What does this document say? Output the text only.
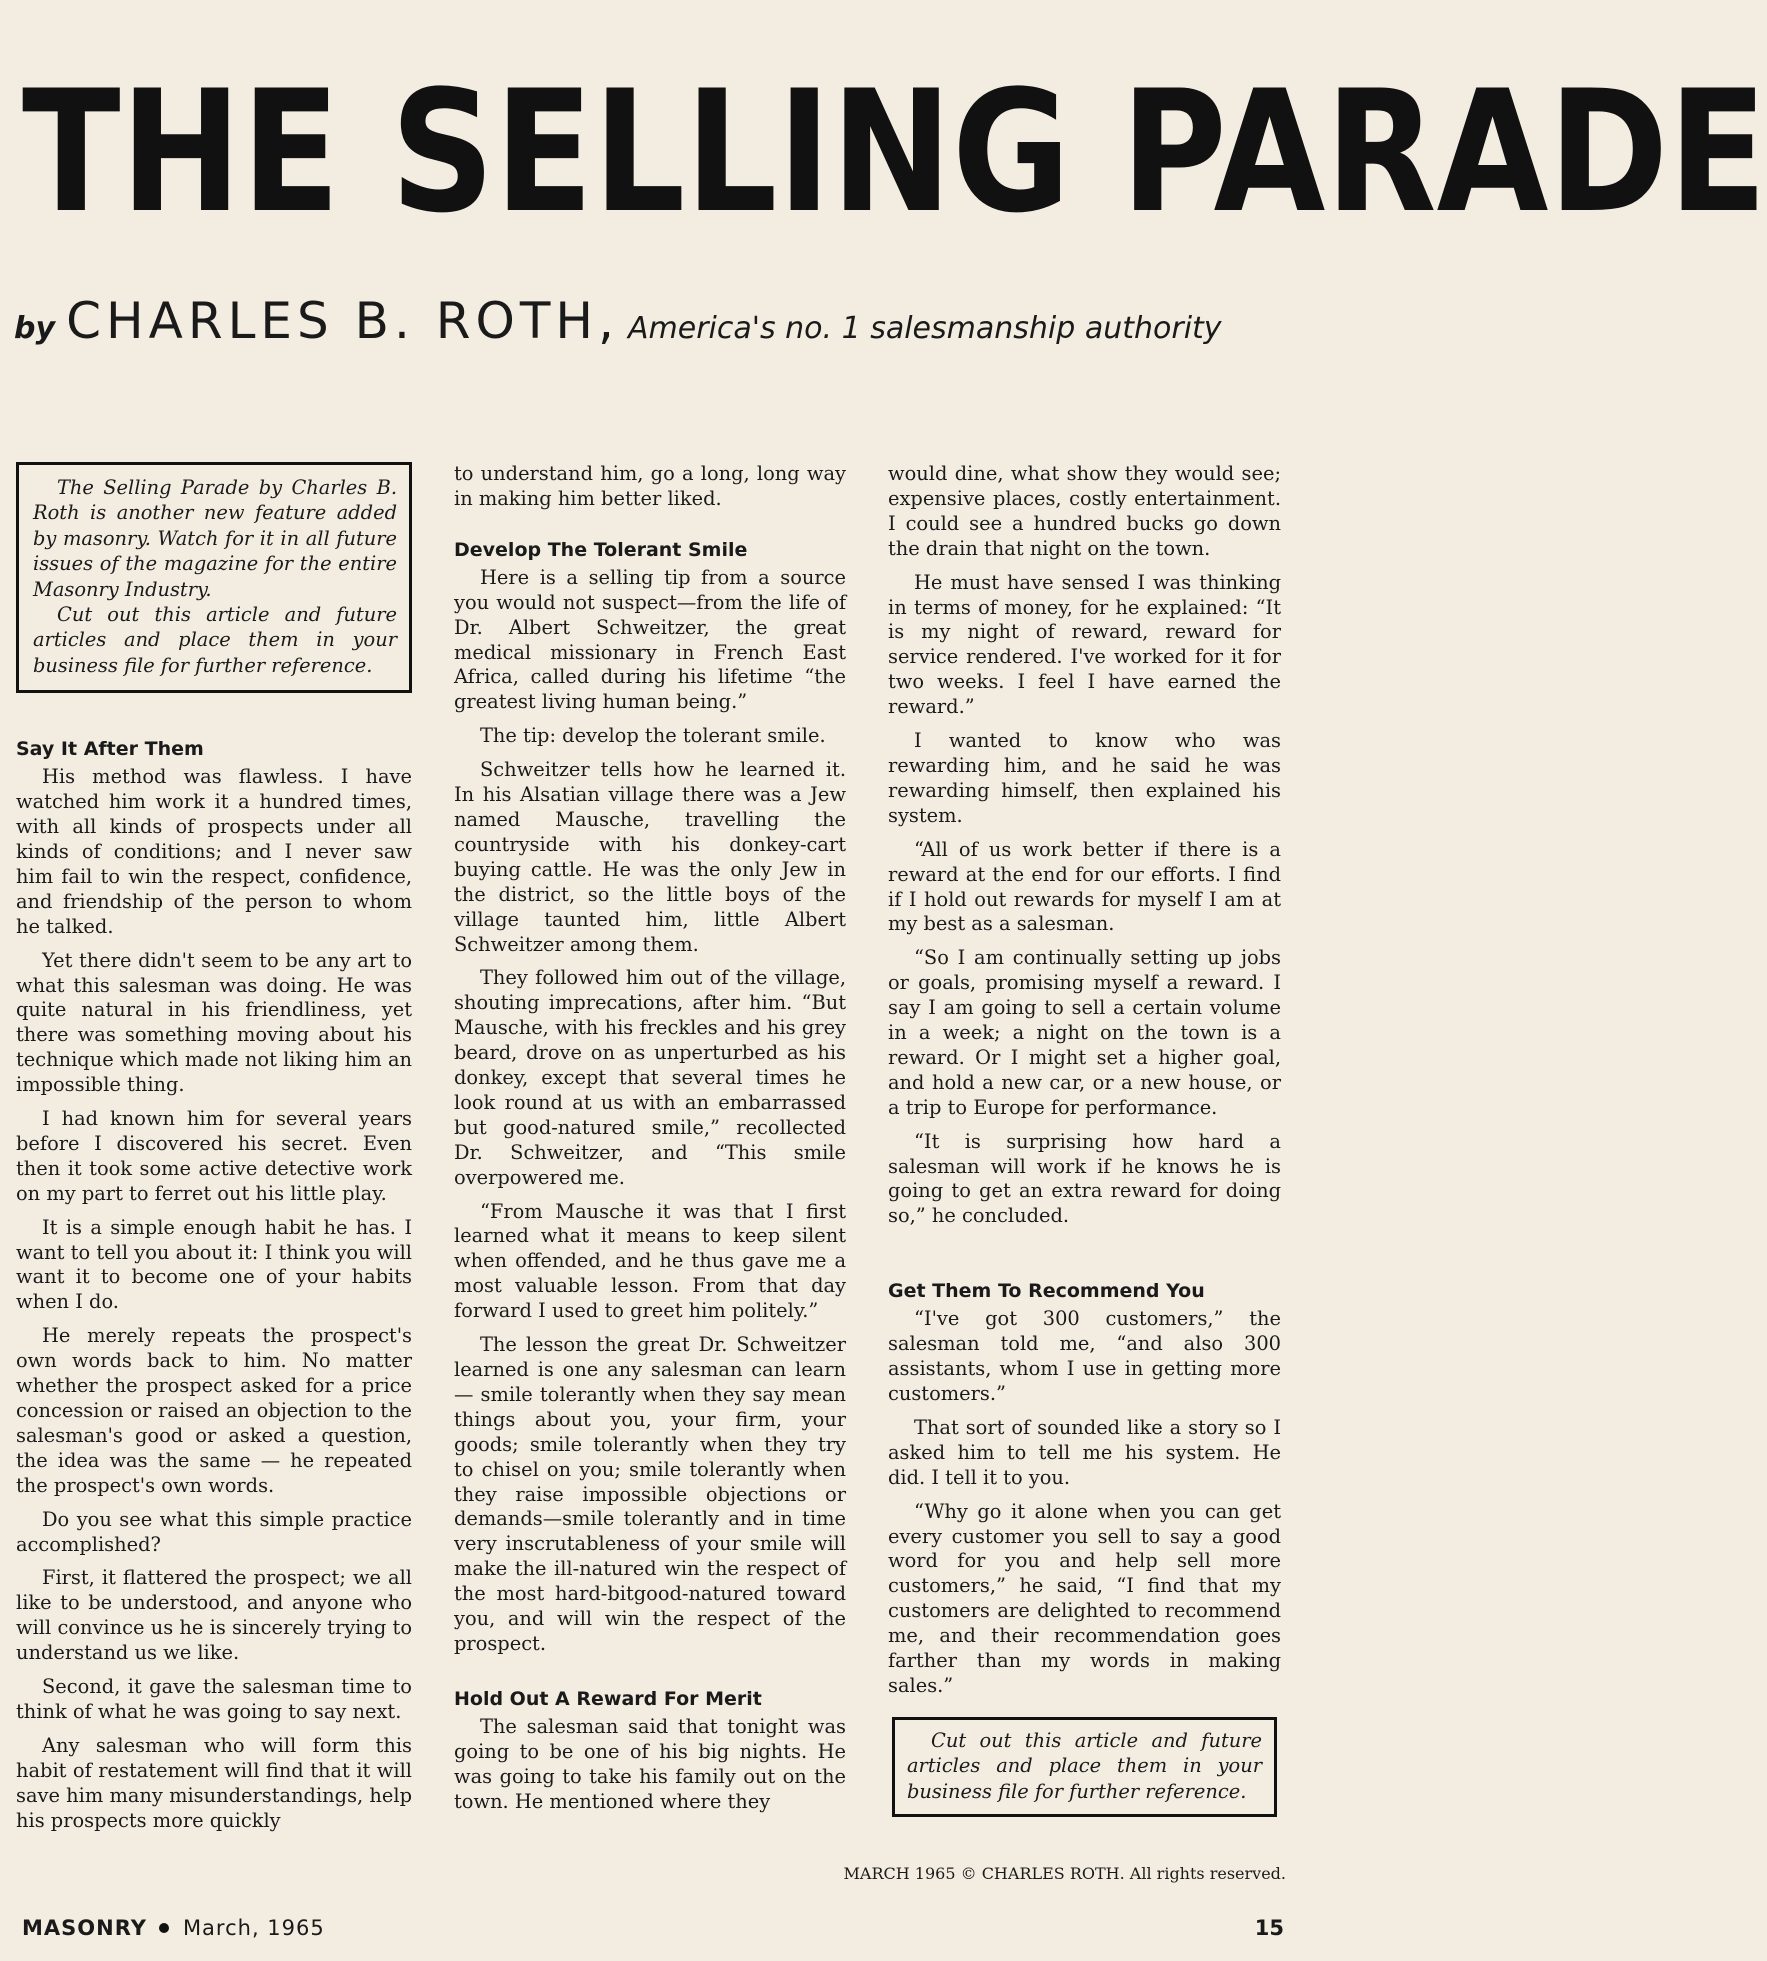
THE SELLING PARADE
by CHARLES B. ROTH, America's no. 1 salesmanship authority

The Selling Parade by Charles B. Roth is another new feature added by masonry. Watch for it in all future issues of the magazine for the entire Masonry Industry.

Cut out this article and future articles and place them in your business file for further reference.

Say It After Them

His method was flawless. I have watched him work it a hundred times, with all kinds of prospects under all kinds of conditions; and I never saw him fail to win the respect, confidence, and friendship of the person to whom he talked.

Yet there didn't seem to be any art to what this salesman was doing. He was quite natural in his friendliness, yet there was something moving about his technique which made not liking him an impossible thing.

I had known him for several years before I discovered his secret. Even then it took some active detective work on my part to ferret out his little play.

It is a simple enough habit he has. I want to tell you about it: I think you will want it to become one of your habits when I do.

He merely repeats the prospect's own words back to him. No matter whether the prospect asked for a price concession or raised an objection to the salesman's good or asked a question, the idea was the same — he repeated the prospect's own words.

Do you see what this simple practice accomplished?

First, it flattered the prospect; we all like to be understood, and anyone who will convince us he is sincerely trying to understand us we like.

Second, it gave the salesman time to think of what he was going to say next.

Any salesman who will form this habit of restatement will find that it will save him many misunderstandings, help his prospects more quickly

to understand him, go a long, long way in making him better liked.

Develop The Tolerant Smile

Here is a selling tip from a source you would not suspect—from the life of Dr. Albert Schweitzer, the great medical missionary in French East Africa, called during his lifetime “the greatest living human being.”

The tip: develop the tolerant smile.

Schweitzer tells how he learned it. In his Alsatian village there was a Jew named Mausche, travelling the countryside with his donkey-cart buying cattle. He was the only Jew in the district, so the little boys of the village taunted him, little Albert Schweitzer among them.

They followed him out of the village, shouting imprecations, after him. “But Mausche, with his freckles and his grey beard, drove on as unperturbed as his donkey, except that several times he look round at us with an embarrassed but good-natured smile,” recollected Dr. Schweitzer, and “This smile overpowered me.

“From Mausche it was that I first learned what it means to keep silent when offended, and he thus gave me a most valuable lesson. From that day forward I used to greet him politely.”

The lesson the great Dr. Schweitzer learned is one any salesman can learn — smile tolerantly when they say mean things about you, your firm, your goods; smile tolerantly when they try to chisel on you; smile tolerantly when they raise impossible objections or demands—smile tolerantly and in time very inscrutableness of your smile will make the ill-natured win the respect of the most hard-bitgood-natured toward you, and will win the respect of the prospect.

Hold Out A Reward For Merit

The salesman said that tonight was going to be one of his big nights. He was going to take his family out on the town. He mentioned where they

would dine, what show they would see; expensive places, costly entertainment. I could see a hundred bucks go down the drain that night on the town.

He must have sensed I was thinking in terms of money, for he explained: “It is my night of reward, reward for service rendered. I've worked for it for two weeks. I feel I have earned the reward.”

I wanted to know who was rewarding him, and he said he was rewarding himself, then explained his system.

“All of us work better if there is a reward at the end for our efforts. I find if I hold out rewards for myself I am at my best as a salesman.

“So I am continually setting up jobs or goals, promising myself a reward. I say I am going to sell a certain volume in a week; a night on the town is a reward. Or I might set a higher goal, and hold a new car, or a new house, or a trip to Europe for performance.

“It is surprising how hard a salesman will work if he knows he is going to get an extra reward for doing so,” he concluded.

Get Them To Recommend You

“I've got 300 customers,” the salesman told me, “and also 300 assistants, whom I use in getting more customers.”

That sort of sounded like a story so I asked him to tell me his system. He did. I tell it to you.

“Why go it alone when you can get every customer you sell to say a good word for you and help sell more customers,” he said, “I find that my customers are delighted to recommend me, and their recommendation goes farther than my words in making sales.”

Cut out this article and future articles and place them in your business file for further reference.

MARCH 1965 © CHARLES ROTH. All rights reserved.
MASONRY March, 1965	15
